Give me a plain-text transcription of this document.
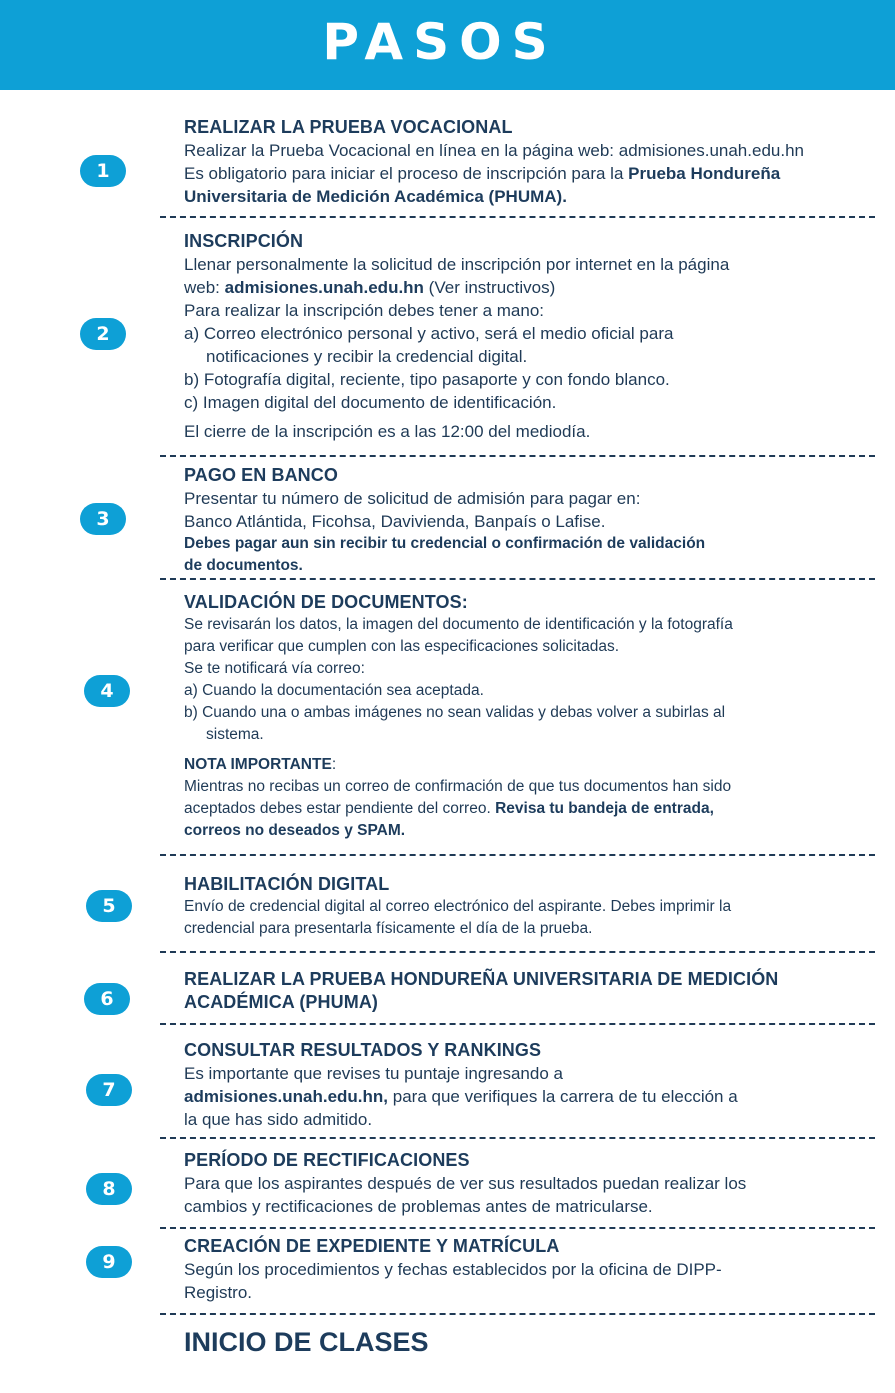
PASOS
1
REALIZAR LA PRUEBA VOCACIONAL
Realizar la Prueba Vocacional en línea en la página web: admisiones.unah.edu.hn
Es obligatorio para iniciar el proceso de inscripción para la Prueba Hondureña
Universitaria de Medición Académica (PHUMA).
2
INSCRIPCIÓN
Llenar personalmente la solicitud de inscripción por internet en la página
web: admisiones.unah.edu.hn (Ver instructivos)
Para realizar la inscripción debes tener a mano:
a) Correo electrónico personal y activo, será el medio oficial para
notificaciones y recibir la credencial digital.
b) Fotografía digital, reciente, tipo pasaporte y con fondo blanco.
c) Imagen digital del documento de identificación.
El cierre de la inscripción es a las 12:00 del mediodía.
3
PAGO EN BANCO
Presentar tu número de solicitud de admisión para pagar en:
Banco Atlántida, Ficohsa, Davivienda, Banpaís o Lafise.
Debes pagar aun sin recibir tu credencial o confirmación de validación
de documentos.
4
VALIDACIÓN DE DOCUMENTOS:
Se revisarán los datos, la imagen del documento de identificación y la fotografía
para verificar que cumplen con las especificaciones solicitadas.
Se te notificará vía correo:
a) Cuando la documentación sea aceptada.
b) Cuando una o ambas imágenes no sean validas y debas volver a subirlas al
sistema.
NOTA IMPORTANTE:
Mientras no recibas un correo de confirmación de que tus documentos han sido
aceptados debes estar pendiente del correo. Revisa tu bandeja de entrada,
correos no deseados y SPAM.
5
HABILITACIÓN DIGITAL
Envío de credencial digital al correo electrónico del aspirante. Debes imprimir la
credencial para presentarla físicamente el día de la prueba.
6
REALIZAR LA PRUEBA HONDUREÑA UNIVERSITARIA DE MEDICIÓN
ACADÉMICA (PHUMA)
7
CONSULTAR RESULTADOS Y RANKINGS
Es importante que revises tu puntaje ingresando a
admisiones.unah.edu.hn, para que verifiques la carrera de tu elección a
la que has sido admitido.
8
PERÍODO DE RECTIFICACIONES
Para que los aspirantes después de ver sus resultados puedan realizar los
cambios y rectificaciones de problemas antes de matricularse.
9
CREACIÓN DE EXPEDIENTE Y MATRÍCULA
Según los procedimientos y fechas establecidos por la oficina de DIPP-
Registro.
INICIO DE CLASES
